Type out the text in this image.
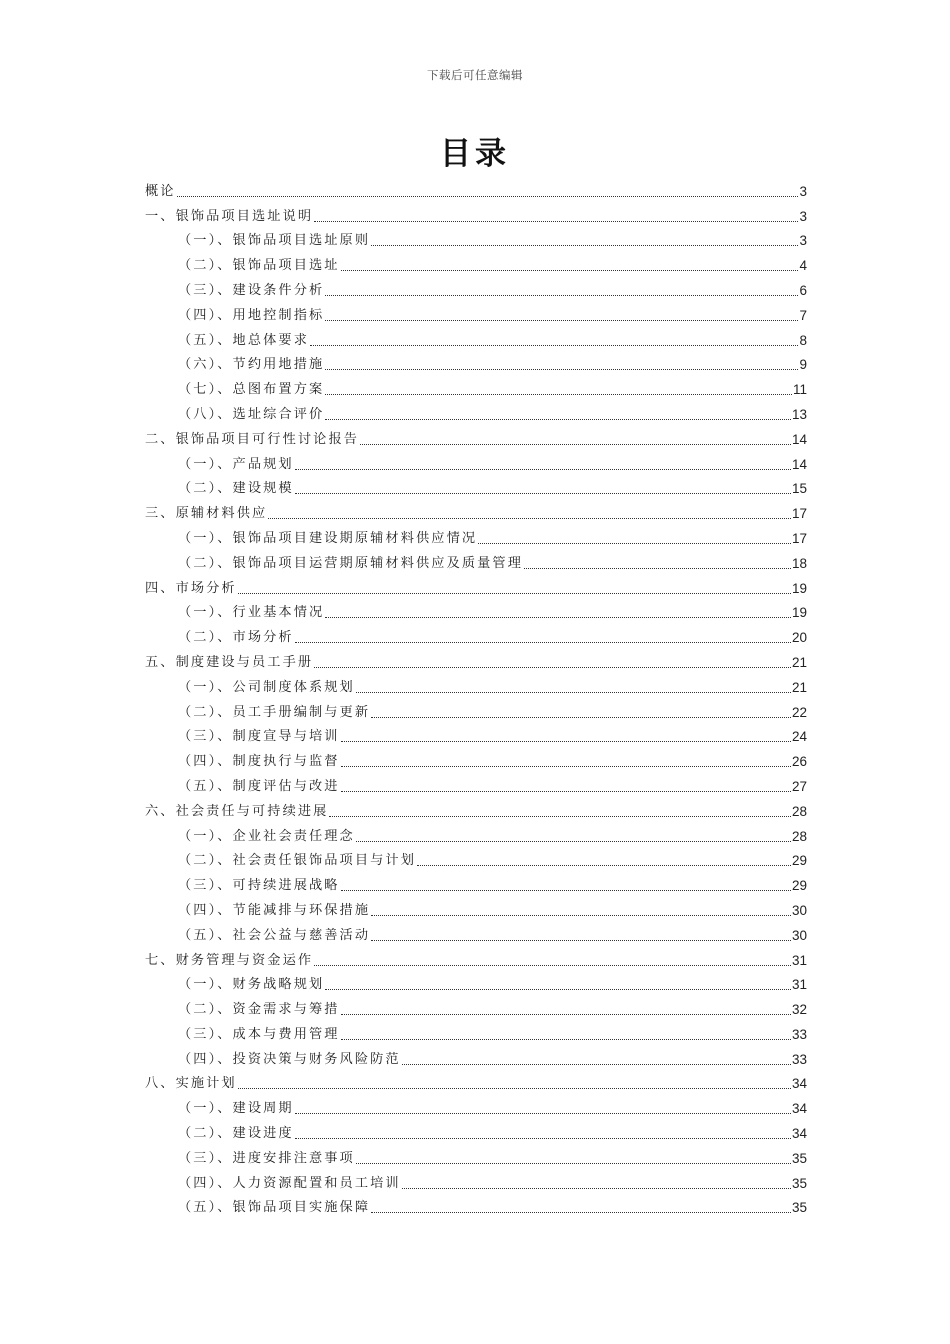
下载后可任意编辑
目录
概论	3
一、银饰品项目选址说明	3
（一）、银饰品项目选址原则	3
（二）、银饰品项目选址	4
（三）、建设条件分析	6
（四）、用地控制指标	7
（五）、地总体要求	8
（六）、节约用地措施	9
（七）、总图布置方案	11
（八）、选址综合评价	13
二、银饰品项目可行性讨论报告	14
（一）、产品规划	14
（二）、建设规模	15
三、原辅材料供应	17
（一）、银饰品项目建设期原辅材料供应情况	17
（二）、银饰品项目运营期原辅材料供应及质量管理	18
四、市场分析	19
（一）、行业基本情况	19
（二）、市场分析	20
五、制度建设与员工手册	21
（一）、公司制度体系规划	21
（二）、员工手册编制与更新	22
（三）、制度宣导与培训	24
（四）、制度执行与监督	26
（五）、制度评估与改进	27
六、社会责任与可持续进展	28
（一）、企业社会责任理念	28
（二）、社会责任银饰品项目与计划	29
（三）、可持续进展战略	29
（四）、节能减排与环保措施	30
（五）、社会公益与慈善活动	30
七、财务管理与资金运作	31
（一）、财务战略规划	31
（二）、资金需求与筹措	32
（三）、成本与费用管理	33
（四）、投资决策与财务风险防范	33
八、实施计划	34
（一）、建设周期	34
（二）、建设进度	34
（三）、进度安排注意事项	35
（四）、人力资源配置和员工培训	35
（五）、银饰品项目实施保障	35
